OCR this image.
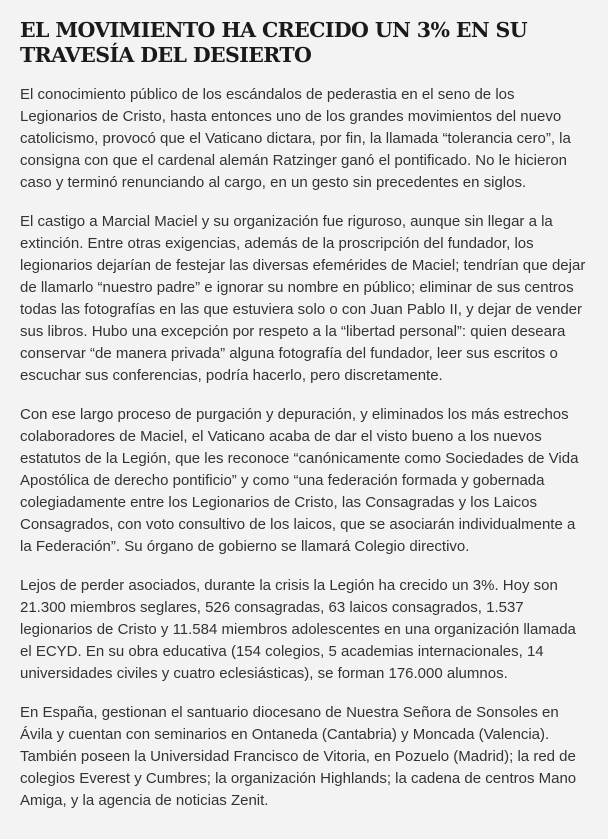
EL MOVIMIENTO HA CRECIDO UN 3% EN SU TRAVESÍA DEL DESIERTO

El conocimiento público de los escándalos de pederastia en el seno de los Legionarios de Cristo, hasta entonces uno de los grandes movimientos del nuevo catolicismo, provocó que el Vaticano dictara, por fin, la llamada “tolerancia cero”, la consigna con que el cardenal alemán Ratzinger ganó el pontificado. No le hicieron caso y terminó renunciando al cargo, en un gesto sin precedentes en siglos.

El castigo a Marcial Maciel y su organización fue riguroso, aunque sin llegar a la extinción. Entre otras exigencias, además de la proscripción del fundador, los legionarios dejarían de festejar las diversas efemérides de Maciel; tendrían que dejar de llamarlo “nuestro padre” e ignorar su nombre en público; eliminar de sus centros todas las fotografías en las que estuviera solo o con Juan Pablo II, y dejar de vender sus libros. Hubo una excepción por respeto a la “libertad personal”: quien deseara conservar “de manera privada” alguna fotografía del fundador, leer sus escritos o escuchar sus conferencias, podría hacerlo, pero discretamente.

Con ese largo proceso de purgación y depuración, y eliminados los más estrechos colaboradores de Maciel, el Vaticano acaba de dar el visto bueno a los nuevos estatutos de la Legión, que les reconoce “canónicamente como Sociedades de Vida Apostólica de derecho pontificio” y como “una federación formada y gobernada colegiadamente entre los Legionarios de Cristo, las Consagradas y los Laicos Consagrados, con voto consultivo de los laicos, que se asociarán individualmente a la Federación”. Su órgano de gobierno se llamará Colegio directivo.

Lejos de perder asociados, durante la crisis la Legión ha crecido un 3%. Hoy son 21.300 miembros seglares, 526 consagradas, 63 laicos consagrados, 1.537 legionarios de Cristo y 11.584 miembros adolescentes en una organización llamada el ECYD. En su obra educativa (154 colegios, 5 academias internacionales, 14 universidades civiles y cuatro eclesiásticas), se forman 176.000 alumnos.

En España, gestionan el santuario diocesano de Nuestra Señora de Sonsoles en Ávila y cuentan con seminarios en Ontaneda (Cantabria) y Moncada (Valencia). También poseen la Universidad Francisco de Vitoria, en Pozuelo (Madrid); la red de colegios Everest y Cumbres; la organización Highlands; la cadena de centros Mano Amiga, y la agencia de noticias Zenit.
